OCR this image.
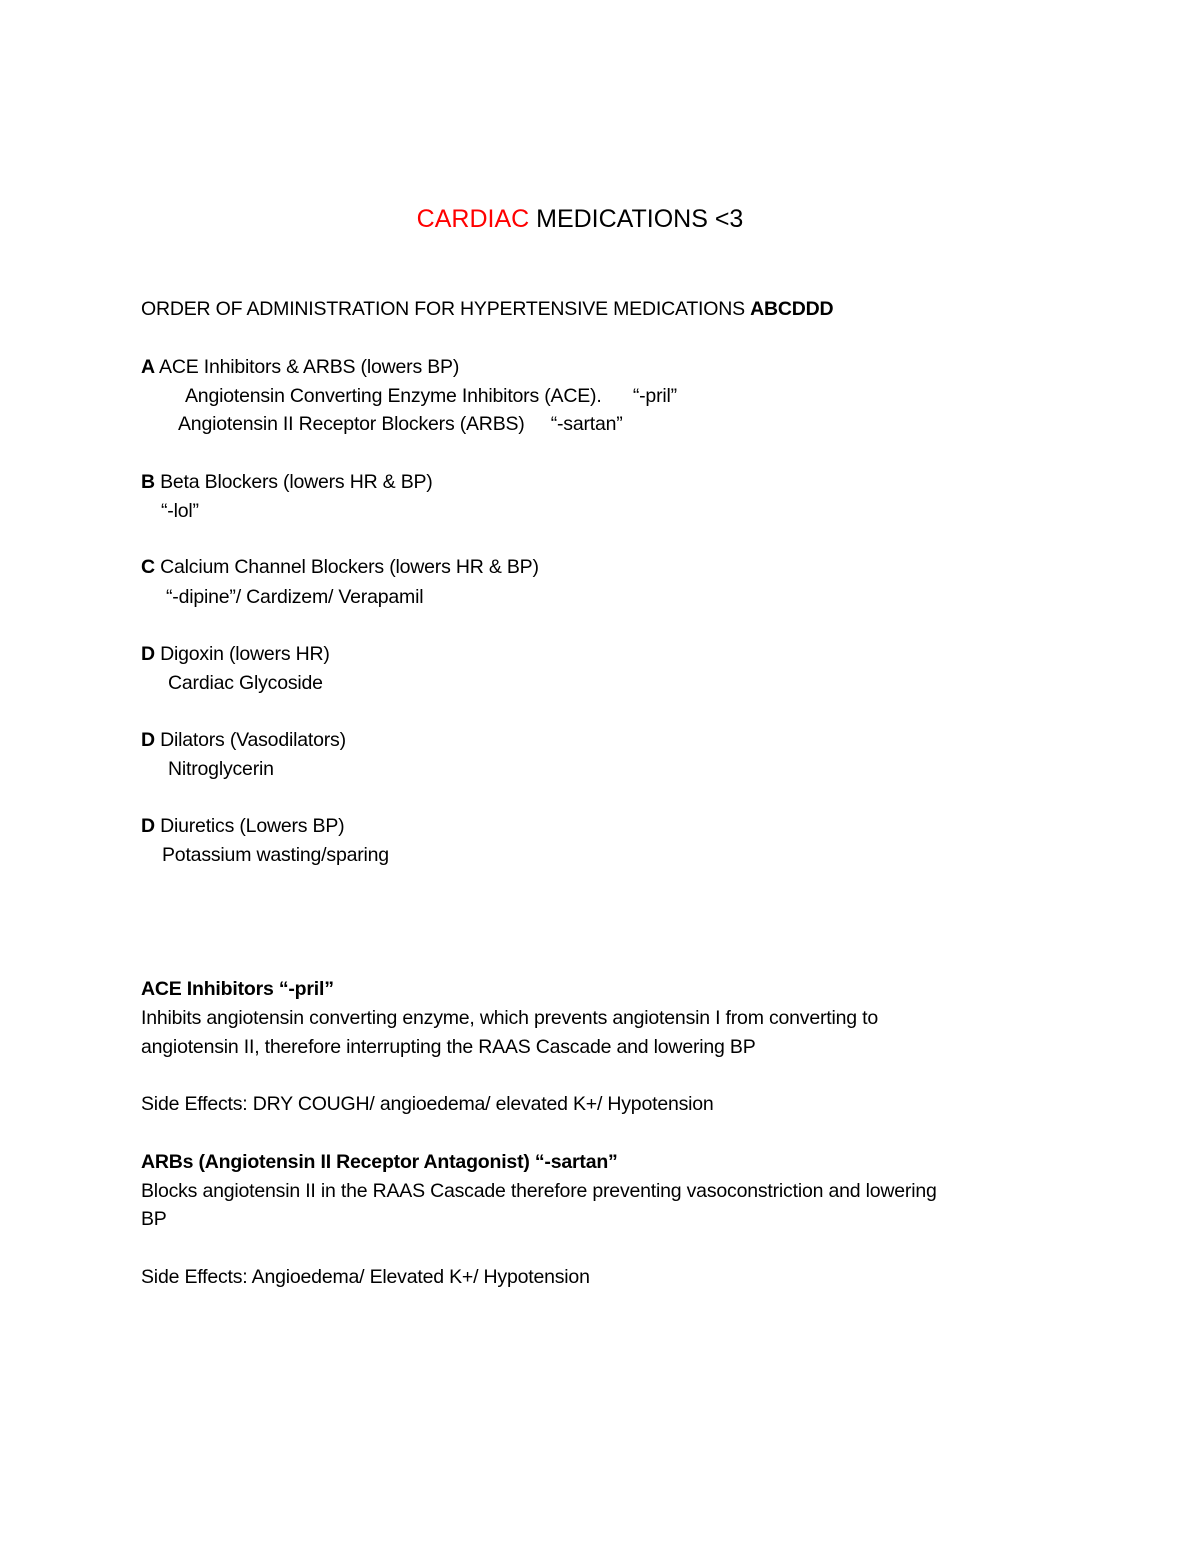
CARDIAC MEDICATIONS <3
ORDER OF ADMINISTRATION FOR HYPERTENSIVE MEDICATIONS ABCDDD
A ACE Inhibitors & ARBS (lowers BP)
Angiotensin Converting Enzyme Inhibitors (ACE).      “-pril”
Angiotensin II Receptor Blockers (ARBS)     “-sartan”
B Beta Blockers (lowers HR & BP)
“-lol”
C Calcium Channel Blockers (lowers HR & BP)
“-dipine”/ Cardizem/ Verapamil
D Digoxin (lowers HR)
Cardiac Glycoside
D Dilators (Vasodilators)
Nitroglycerin
D Diuretics (Lowers BP)
Potassium wasting/sparing
ACE Inhibitors “-pril”
Inhibits angiotensin converting enzyme, which prevents angiotensin I from converting to
angiotensin II, therefore interrupting the RAAS Cascade and lowering BP
Side Effects: DRY COUGH/ angioedema/ elevated K+/ Hypotension
ARBs (Angiotensin II Receptor Antagonist) “-sartan”
Blocks angiotensin II in the RAAS Cascade therefore preventing vasoconstriction and lowering
BP
Side Effects: Angioedema/ Elevated K+/ Hypotension
